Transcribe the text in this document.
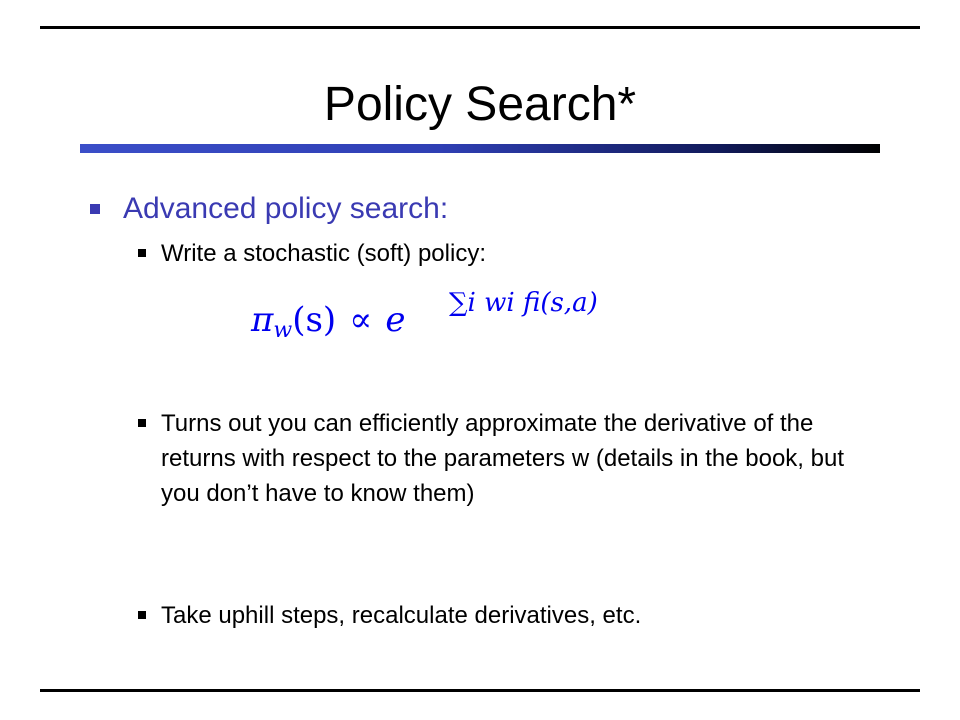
Policy Search*
Advanced policy search:
Write a stochastic (soft) policy:
πw(s) ∝ e ∑i wi fi(s,a)
Turns out you can efficiently approximate the derivative of the returns with respect to the parameters w (details in the book, but you don’t have to know them)
Take uphill steps, recalculate derivatives, etc.
